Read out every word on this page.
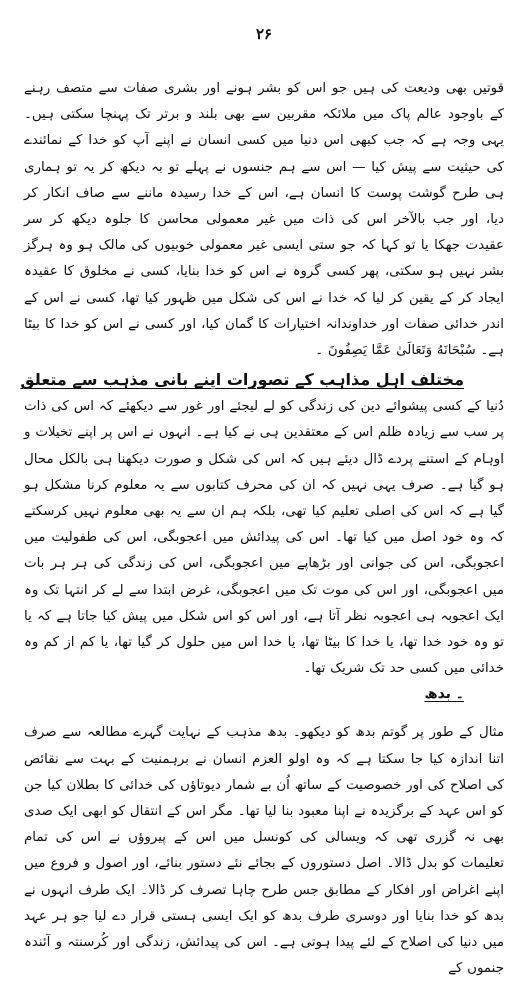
۲۶

قوتیں بھی ودیعت کی ہیں جو اس کو بشر ہونے اور بشری صفات سے متصف رہنے کے باوجود عالم پاک میں ملائکہ مقربین سے بھی بلند و برتر تک پہنچا سکتی ہیں۔ یہی وجہ ہے کہ جب کبھی اس دنیا میں کسی انسان نے اپنے آپ کو خدا کے نمائندے کی حیثیت سے پیش کیا — اس سے ہم جنسوں نے پہلے تو بہ دیکھ کر یہ تو ہماری ہی طرح گوشت پوست کا انسان ہے، اس کے خدا رسیدہ ماننے سے صاف انکار کر دیا، اور جب بالآخر اس کی ذات میں غیر معمولی محاسن کا جلوہ دیکھ کر سر عقیدت جھکا یا تو کہا کہ جو ستی ایسی غیر معمولی خوبیوں کی مالک ہو وہ ہرگز بشر نہیں ہو سکتی، پھر کسی گروہ نے اس کو خدا بنایا، کسی نے مخلوق کا عقیدہ ایجاد کر کے یقین کر لیا کہ خدا نے اس کی شکل میں ظہور کیا تھا، کسی نے اس کے اندر خدائی صفات اور خداوندانہ اختیارات کا گمان کیا، اور کسی نے اس کو خدا کا بیٹا ہے۔ سُبْحَانَهُ وَتَعَالَىٰ عَمَّا يَصِفُونَ ۔

مختلف اہل مذاہب کے تصورات اپنے بانی مذہب سے متعلق

دُنیا کے کسی پیشوائے دین کی زندگی کو لے لیجئے اور غور سے دیکھئے کہ اس کی ذات پر سب سے زیادہ ظلم اس کے معتقدین ہی نے کیا ہے۔ انہوں نے اس پر اپنے تخیلات و اوہام کے استنے پردے ڈال دیئے ہیں کہ اس کی شکل و صورت دیکھنا ہی بالکل محال ہو گیا ہے۔ صرف یہی نہیں کہ ان کی محرف کتابوں سے یہ معلوم کرنا مشکل ہو گیا ہے کہ اس کی اصلی تعلیم کیا تھی، بلکہ ہم ان سے یہ بھی معلوم نہیں کرسکتے کہ وہ خود اصل میں کیا تھا۔ اس کی پیدائش میں اعجوبگی، اس کی طفولیت میں اعجوبگی، اس کی جوانی اور بڑھاپے میں اعجوبگی، اس کی زندگی کی ہر ہر بات میں اعجوبگی، اور اس کی موت تک میں اعجوبگی، غرض ابتدا سے لے کر انتہا تک وہ ایک اعجوبہ ہی اعجوبہ نظر آتا ہے، اور اس کو اس شکل میں پیش کیا جاتا ہے کہ یا تو وہ خود خدا تھا، یا خدا کا بیٹا تھا، یا خدا اس میں حلول کر گیا تھا، یا کم از کم وہ خدائی میں کسی حد تک شریک تھا۔

۔ بدھ

مثال کے طور پر گوتم بدھ کو دیکھو۔ بدھ مذہب کے نہایت گہرے مطالعہ سے صرف اتنا اندازہ کیا جا سکتا ہے کہ وہ اولو العزم انسان نے برہمنیت کے بہت سے نقائص کی اصلاح کی اور خصوصیت کے ساتھ اُن بے شمار دیوتاؤں کی خدائی کا بطلان کیا جن کو اس عہد کے برگزیدہ نے اپنا معبود بنا لیا تھا۔ مگر اس کے انتقال کو ابھی ایک صدی بھی نہ گزری تھی کہ ویسالی کی کونسل میں اس کے پیروؤں نے اس کی تمام تعلیمات کو بدل ڈالا۔ اصل دستوروں کے بجائے نئے دستور بنائے، اور اصول و فروع میں اپنے اغراض اور افکار کے مطابق جس طرح چاہا تصرف کر ڈالا۔ ایک طرف انہوں نے بدھ کو خدا بنایا اور دوسری طرف بدھ کو ایک ایسی ہستی قرار دے لیا جو ہر عہد میں دنیا کی اصلاح کے لئے پیدا ہوتی ہے۔ اس کی پیدائش، زندگی اور کُرسنتہ و آئندہ جنموں کے
